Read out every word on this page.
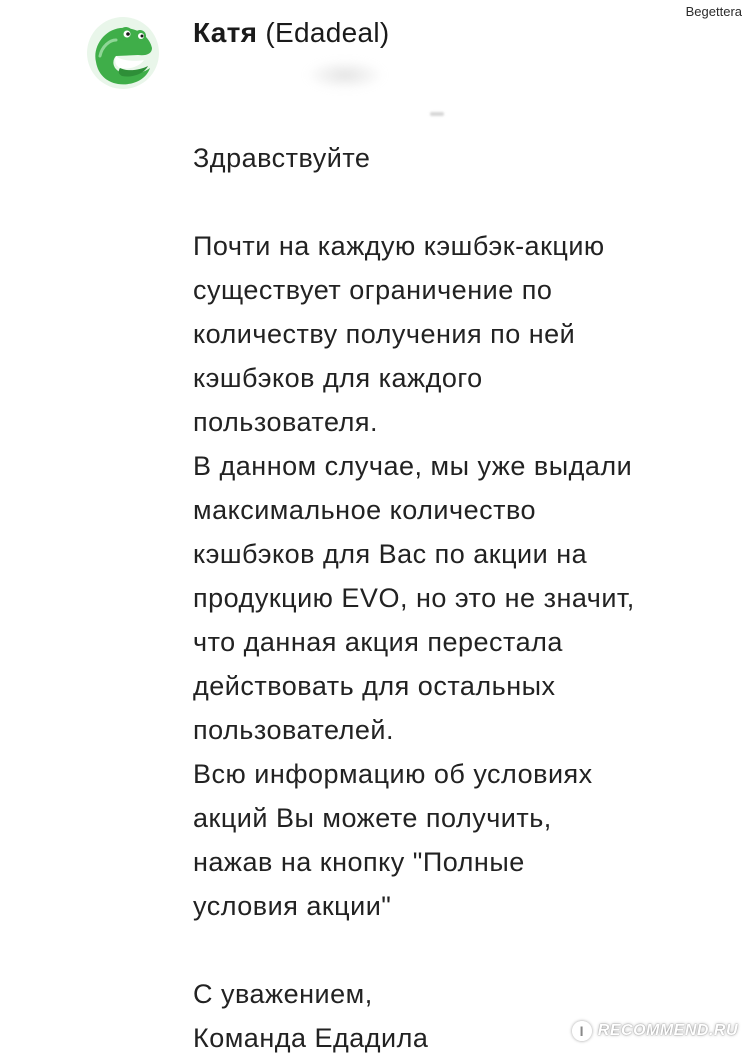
Begettera
Катя (Edadeal)

Здравствуйте

Почти на каждую кэшбэк-акцию

существует ограничение по

количеству получения по ней

кэшбэков для каждого

пользователя.

В данном случае, мы уже выдали

максимальное количество

кэшбэков для Вас по акции на

продукцию EVO, но это не значит,

что данная акция перестала

действовать для остальных

пользователей.

Всю информацию об условиях

акций Вы можете получить,

нажав на кнопку "Полные

условия акции"

С уважением,

Команда Едадила	I RECOMMEND.RU
